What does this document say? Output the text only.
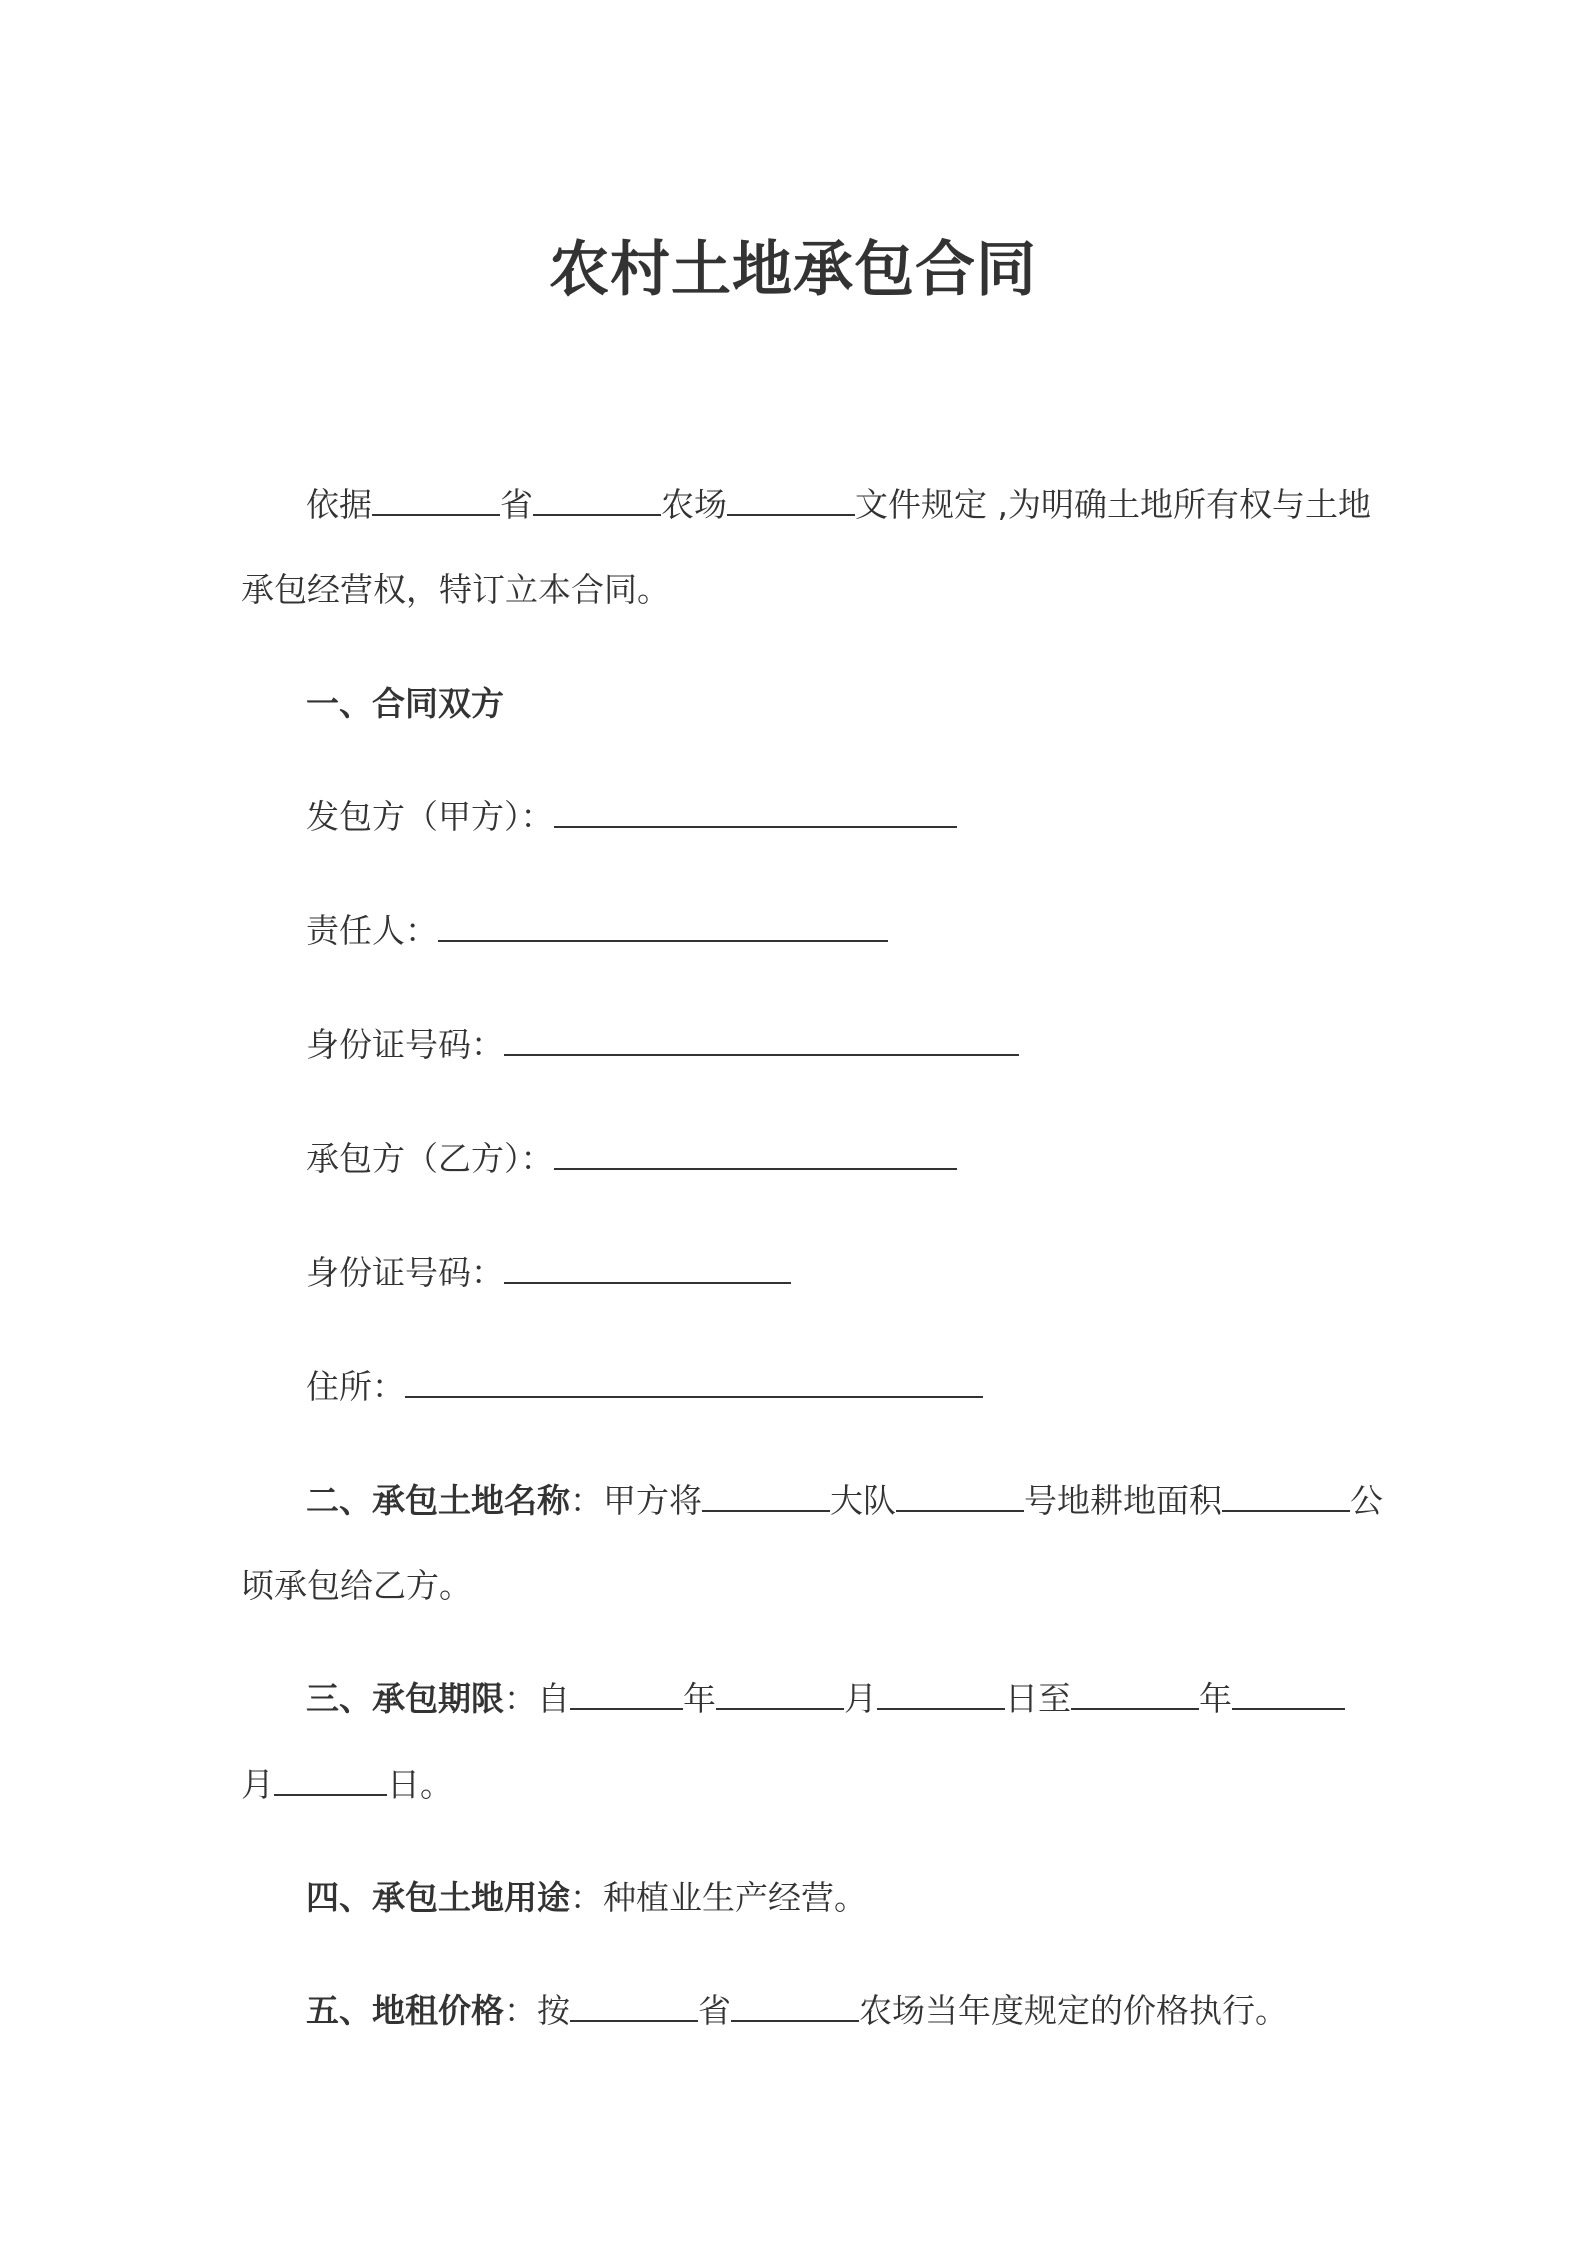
农村土地承包合同
依据	省	农场	文件规定 ,为明确土地所有权与土地
承包经营权，特订立本合同。
一、合同双方
发包方（甲方）：
责任人：
身份证号码：
承包方（乙方）：
身份证号码：
住所：
二、承包土地名称：甲方将	大队	号地耕地面积	公
顷承包给乙方。
三、承包期限：自	年	月	日至	年
月	日。
四、承包土地用途：种植业生产经营。
五、地租价格：按	省	农场当年度规定的价格执行。
